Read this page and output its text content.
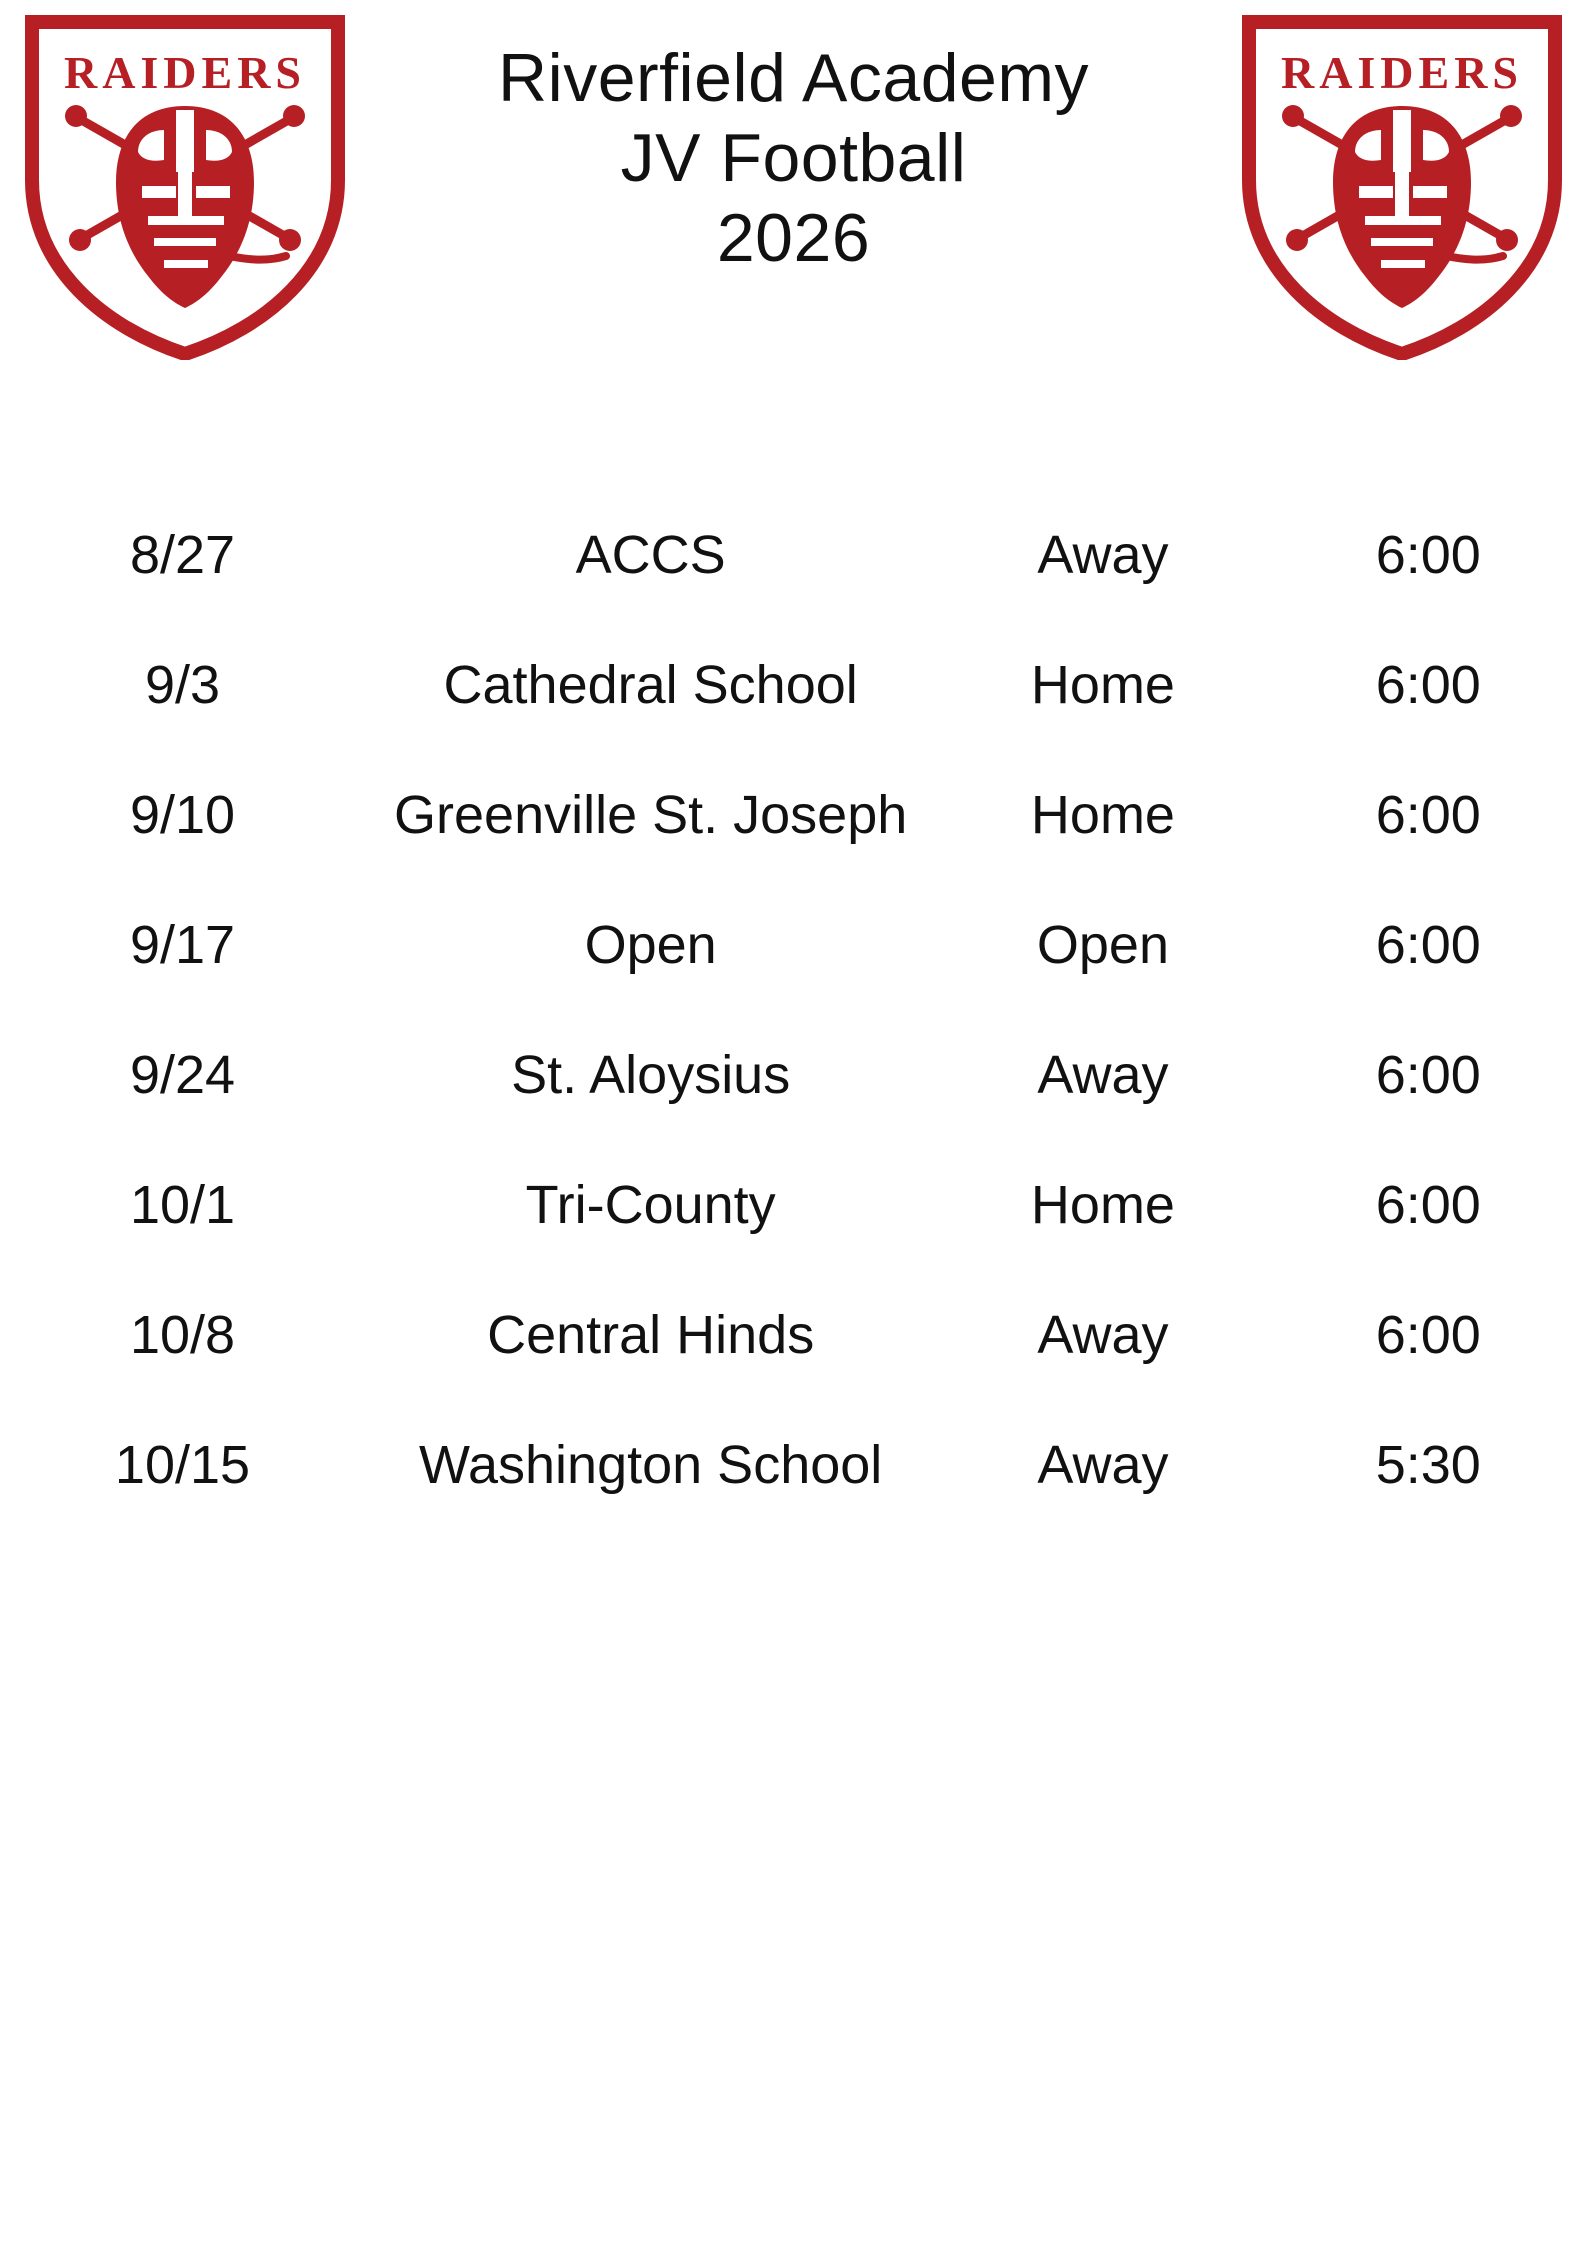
RAIDERS	Riverfield Academy
JV Football
2026
RAIDERS
8/27	ACCS	Away	6:00
9/3	Cathedral School	Home	6:00
9/10	Greenville St. Joseph	Home	6:00
9/17	Open	Open	6:00
9/24	St. Aloysius	Away	6:00
10/1	Tri-County	Home	6:00
10/8	Central Hinds	Away	6:00
10/15	Washington School	Away	5:30
